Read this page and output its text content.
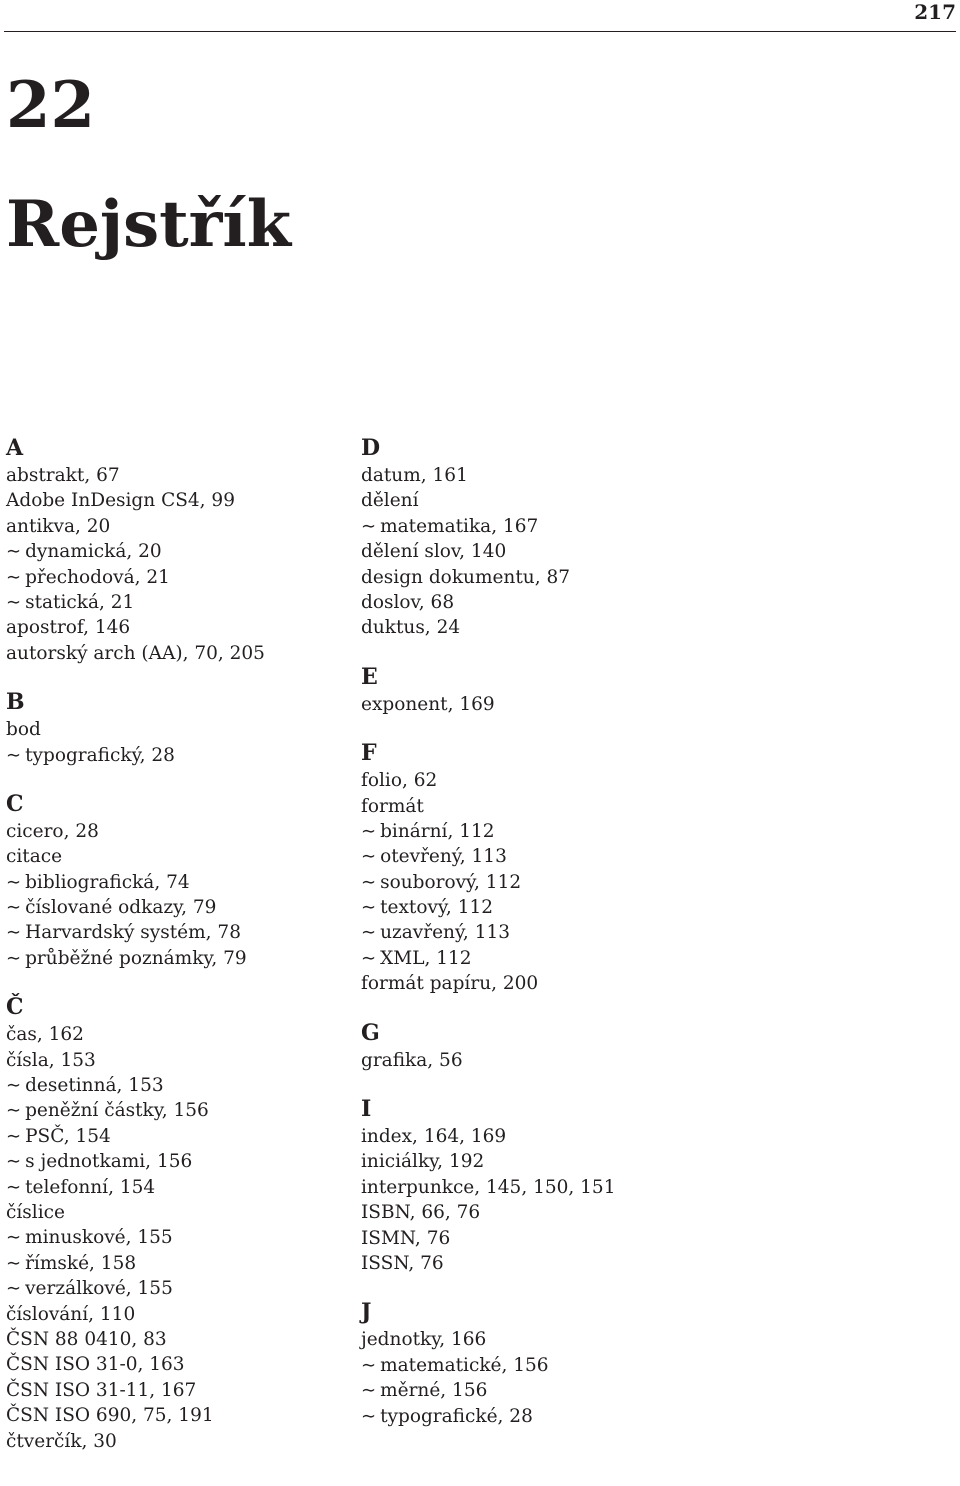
217
22
Rejstřík
A
abstrakt, 67
Adobe InDesign CS4, 99
antikva, 20
∼ dynamická, 20
∼ přechodová, 21
∼ statická, 21
apostrof, 146
autorský arch (AA), 70, 205
B
bod
∼ typografický, 28
C
cicero, 28
citace
∼ bibliografická, 74
∼ číslované odkazy, 79
∼ Harvardský systém, 78
∼ průběžné poznámky, 79
Č
čas, 162
čísla, 153
∼ desetinná, 153
∼ peněžní částky, 156
∼ PSČ, 154
∼ s jednotkami, 156
∼ telefonní, 154
číslice
∼ minuskové, 155
∼ římské, 158
∼ verzálkové, 155
číslování, 110
ČSN 88 0410, 83
ČSN ISO 31-0, 163
ČSN ISO 31-11, 167
ČSN ISO 690, 75, 191
čtverčík, 30
D
datum, 161
dělení
∼ matematika, 167
dělení slov, 140
design dokumentu, 87
doslov, 68
duktus, 24
E
exponent, 169
F
folio, 62
formát
∼ binární, 112
∼ otevřený, 113
∼ souborový, 112
∼ textový, 112
∼ uzavřený, 113
∼ XML, 112
formát papíru, 200
G
grafika, 56
I
index, 164, 169
iniciálky, 192
interpunkce, 145, 150, 151
ISBN, 66, 76
ISMN, 76
ISSN, 76
J
jednotky, 166
∼ matematické, 156
∼ měrné, 156
∼ typografické, 28
